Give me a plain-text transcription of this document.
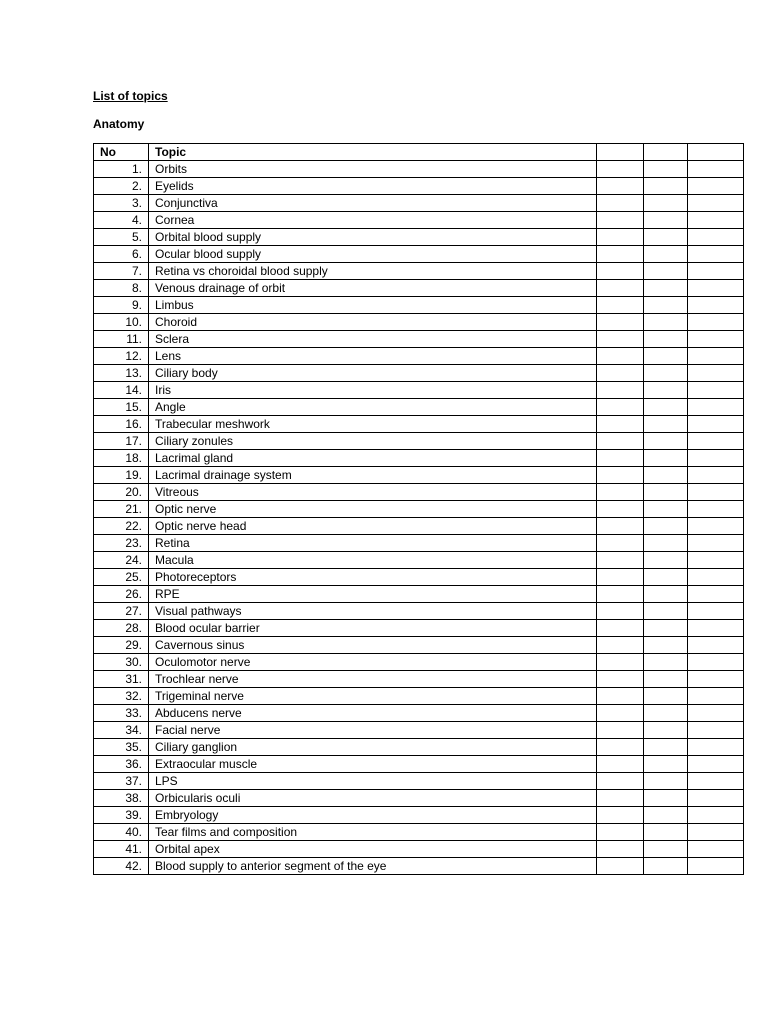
List of topics
Anatomy
No	Topic			
1.	Orbits			
2.	Eyelids			
3.	Conjunctiva			
4.	Cornea			
5.	Orbital blood supply			
6.	Ocular blood supply			
7.	Retina vs choroidal blood supply			
8.	Venous drainage of orbit			
9.	Limbus			
10.	Choroid			
11.	Sclera			
12.	Lens			
13.	Ciliary body			
14.	Iris			
15.	Angle			
16.	Trabecular meshwork			
17.	Ciliary zonules			
18.	Lacrimal gland			
19.	Lacrimal drainage system			
20.	Vitreous			
21.	Optic nerve			
22.	Optic nerve head			
23.	Retina			
24.	Macula			
25.	Photoreceptors			
26.	RPE			
27.	Visual pathways			
28.	Blood ocular barrier			
29.	Cavernous sinus			
30.	Oculomotor nerve			
31.	Trochlear nerve			
32.	Trigeminal nerve			
33.	Abducens nerve			
34.	Facial nerve			
35.	Ciliary ganglion			
36.	Extraocular muscle			
37.	LPS			
38.	Orbicularis oculi			
39.	Embryology			
40.	Tear films and composition			
41.	Orbital apex			
42.	Blood supply to anterior segment of the eye			
